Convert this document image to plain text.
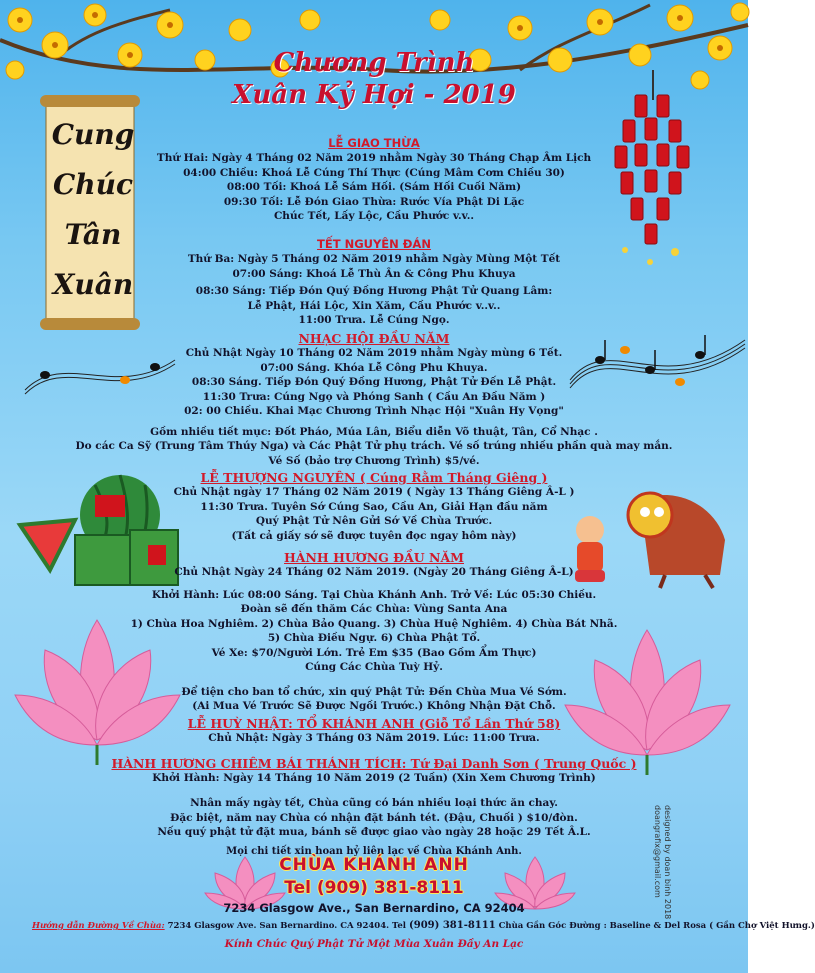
Chương Trình
Xuân Kỷ Hợi - 2019
Cung
Chúc
Tân
Xuân
LỄ GIAO THỪA
Thứ Hai: Ngày 4 Tháng 02 Năm 2019 nhằm Ngày 30 Tháng Chạp Âm Lịch
04:00 Chiều: Khoá Lễ Cúng Thí Thực (Cúng Mâm Cơm Chiều 30)
08:00 Tối: Khoá Lễ Sám Hối. (Sám Hối Cuối Năm)
09:30 Tối: Lễ Đón Giao Thừa: Rước Vía Phật Di Lặc
Chúc Tết, Lấy Lộc, Cầu Phước v.v..
TẾT NGUYÊN ĐÁN
Thứ Ba: Ngày 5 Tháng 02 Năm 2019 nhằm Ngày Mùng Một Tết
07:00 Sáng: Khoá Lễ Thù Ân & Công Phu Khuya
08:30 Sáng: Tiếp Đón Quý Đồng Hương Phật Tử Quang Lâm:
Lễ Phật, Hái Lộc, Xin Xăm, Cầu Phước v..v..
11:00 Trưa. Lễ Cúng Ngọ.
NHẠC HỘI ĐẦU NĂM
Chủ Nhật Ngày 10 Tháng 02 Năm 2019 nhằm Ngày mùng 6 Tết.
07:00 Sáng. Khóa Lễ Công Phu Khuya.
08:30 Sáng. Tiếp Đón Quý Đồng Hương, Phật Tử Đến Lễ Phật.
11:30 Trưa: Cúng Ngọ và Phóng Sanh ( Cầu An Đầu Năm )
02: 00 Chiều. Khai Mạc Chương Trình Nhạc Hội "Xuân Hy Vọng"
Gồm nhiều tiết mục: Đốt Pháo, Múa Lân, Biểu diễn Võ thuật, Tân, Cổ Nhạc .
Do các Ca Sỹ (Trung Tâm Thúy Nga) và Các Phật Tử phụ trách. Vé số trúng nhiều phần quà may mắn.
Vé Số (bảo trợ Chương Trình) $5/vé.
LỄ THƯỢNG NGUYÊN ( Cúng Rằm Tháng Giêng )
Chủ Nhật ngày 17 Tháng 02 Năm 2019 ( Ngày 13 Tháng Giêng Â-L )
11:30 Trưa. Tuyên Sớ Cúng Sao, Cầu An, Giải Hạn đầu năm
Quý Phật Tử Nên Gửi Sớ Về Chùa Trước.
(Tất cả giấy sớ sẽ được tuyên đọc ngay hôm này)
HÀNH HƯƠNG ĐẦU NĂM
Chủ Nhật Ngày 24 Tháng 02 Năm 2019. (Ngày 20 Tháng Giêng Â-L)
Khởi Hành: Lúc 08:00 Sáng. Tại Chùa Khánh Anh. Trở Về: Lúc 05:30 Chiều.
Đoàn sẽ đến thăm Các Chùa: Vùng Santa Ana
1) Chùa Hoa Nghiêm. 2) Chùa Bảo Quang. 3) Chùa Huệ Nghiêm. 4) Chùa Bát Nhã.
5) Chùa Điều Ngự. 6) Chùa Phật Tổ.
Vé Xe: $70/Người Lớn. Trẻ Em $35 (Bao Gồm Ẩm Thực)
Cúng Các Chùa Tuỳ Hỷ.
Để tiện cho ban tổ chức, xin quý Phật Tử: Đến Chùa Mua Vé Sớm.
(Ai Mua Vé Trước Sẽ Được Ngồi Trước.) Không Nhận Đặt Chỗ.
LỄ HUỲ NHẬT: TỔ KHÁNH ANH (Giỗ Tổ Lần Thứ 58)
Chủ Nhật: Ngày 3 Tháng 03 Năm 2019. Lúc: 11:00 Trưa.
HÀNH HƯƠNG CHIÊM BÁI THÁNH TÍCH: Tứ Đại Danh Sơn ( Trung Quốc )
Khởi Hành: Ngày 14 Tháng 10 Năm 2019 (2 Tuần) (Xin Xem Chương Trình)
Nhân mấy ngày tết, Chùa cũng có bán nhiều loại thức ăn chay.
Đặc biệt, năm nay Chùa có nhận đặt bánh tét. (Đậu, Chuối ) $10/đòn.
Nếu quý phật tử đặt mua, bánh sẽ được giao vào ngày 28 hoặc 29 Tết Â.L.
Mọi chi tiết xin hoan hỷ liên lạc về Chùa Khánh Anh.
CHÙA KHÁNH ANH
Tel (909) 381-8111
7234 Glasgow Ave., San Bernardino, CA 92404
Hướng dẫn Đường Về Chùa: 7234 Glasgow Ave. San Bernardino. CA 92404. Tel (909) 381-8111 Chùa Gần Góc Đường : Baseline & Del Rosa ( Gần Chợ Việt Hưng.)
Kính Chúc Quý Phật Tử Một Mùa Xuân Đầy An Lạc
designed by doan binh 2018
doangrafix@gmail.com
